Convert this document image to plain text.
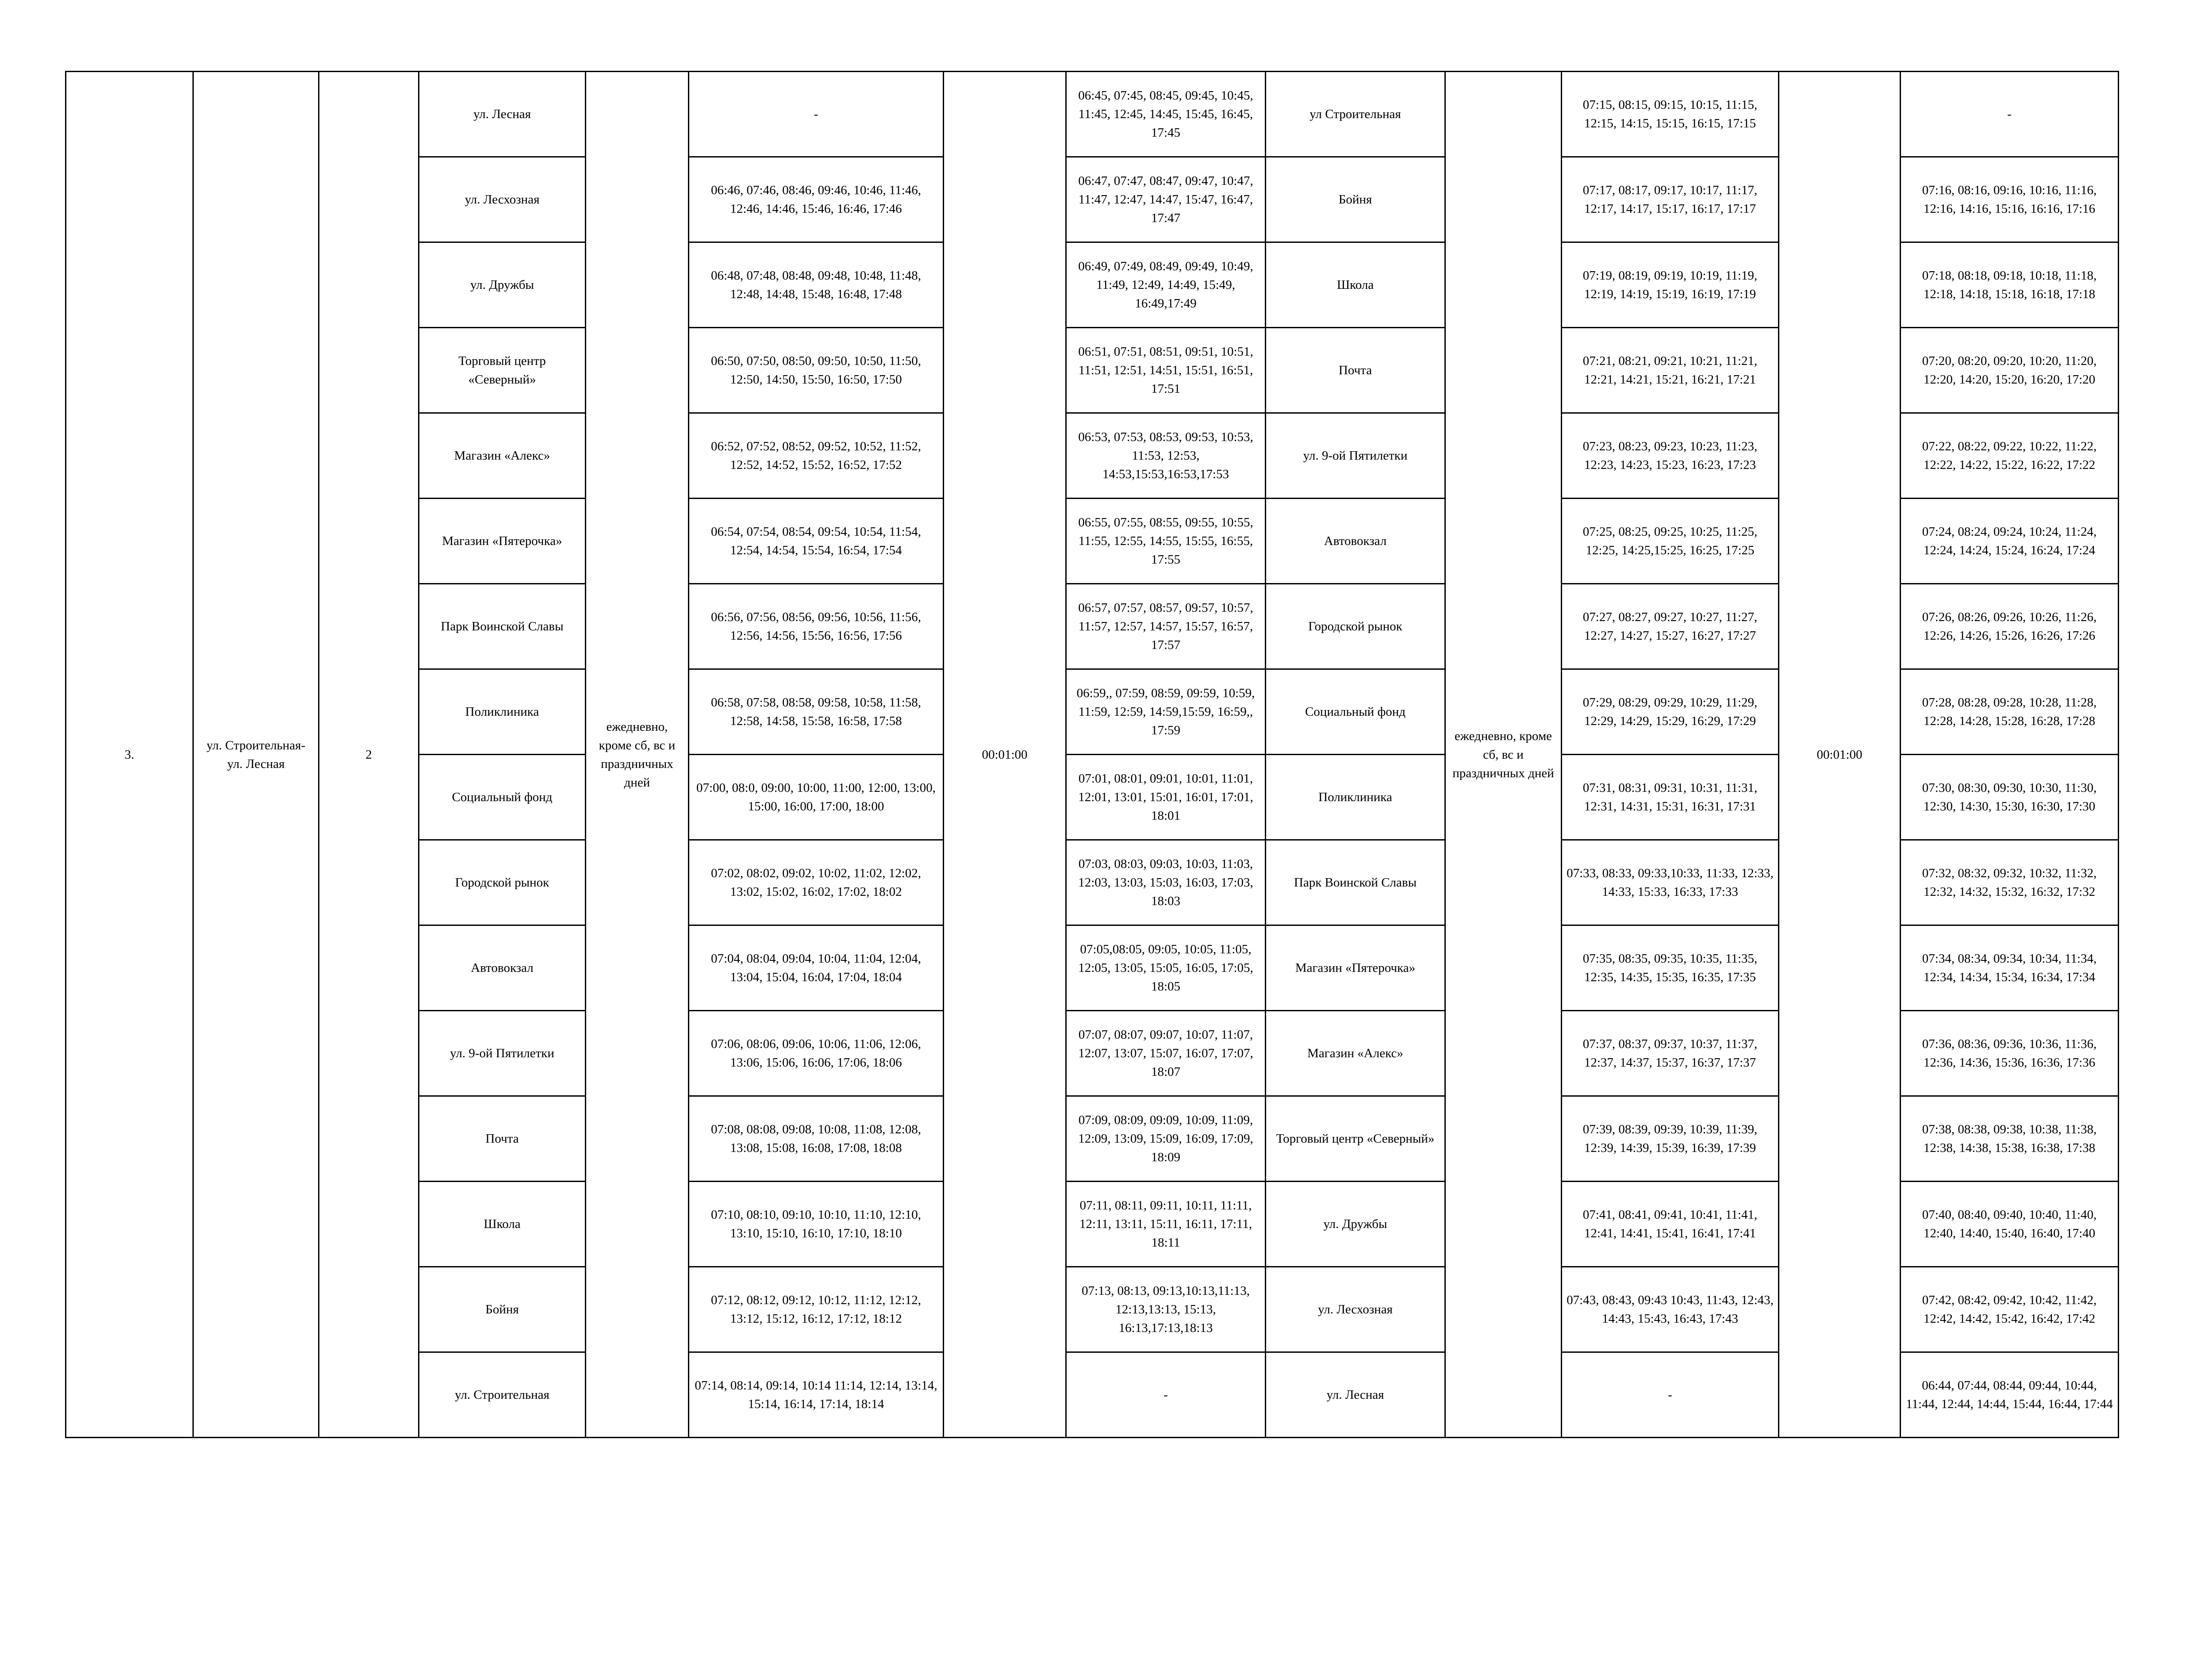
3.	ул. Строительная-ул. Лесная	2	ул. Лесная	ежедневно, кроме сб, вс и праздничных дней	-	00:01:00	06:45, 07:45, 08:45, 09:45, 10:45, 11:45, 12:45, 14:45, 15:45, 16:45, 17:45	ул Строительная	ежедневно, кроме сб, вс и праздничных дней	07:15, 08:15, 09:15, 10:15, 11:15, 12:15, 14:15, 15:15, 16:15, 17:15	00:01:00	-
			ул. Лесхозная		06:46, 07:46, 08:46, 09:46, 10:46, 11:46, 12:46, 14:46, 15:46, 16:46, 17:46		06:47, 07:47, 08:47, 09:47, 10:47, 11:47, 12:47, 14:47, 15:47, 16:47, 17:47	Бойня		07:17, 08:17, 09:17, 10:17, 11:17, 12:17, 14:17, 15:17, 16:17, 17:17		07:16, 08:16, 09:16, 10:16, 11:16, 12:16, 14:16, 15:16, 16:16, 17:16
			ул. Дружбы		06:48, 07:48, 08:48, 09:48, 10:48, 11:48, 12:48, 14:48, 15:48, 16:48, 17:48		06:49, 07:49, 08:49, 09:49, 10:49, 11:49, 12:49, 14:49, 15:49, 16:49,17:49	Школа		07:19, 08:19, 09:19, 10:19, 11:19, 12:19, 14:19, 15:19, 16:19, 17:19		07:18, 08:18, 09:18, 10:18, 11:18, 12:18, 14:18, 15:18, 16:18, 17:18
			Торговый центр «Северный»		06:50, 07:50, 08:50, 09:50, 10:50, 11:50, 12:50, 14:50, 15:50, 16:50, 17:50		06:51, 07:51, 08:51, 09:51, 10:51, 11:51, 12:51, 14:51, 15:51, 16:51, 17:51	Почта		07:21, 08:21, 09:21, 10:21, 11:21, 12:21, 14:21, 15:21, 16:21, 17:21		07:20, 08:20, 09:20, 10:20, 11:20, 12:20, 14:20, 15:20, 16:20, 17:20
			Магазин «Алекс»		06:52, 07:52, 08:52, 09:52, 10:52, 11:52, 12:52, 14:52, 15:52, 16:52, 17:52		06:53, 07:53, 08:53, 09:53, 10:53, 11:53, 12:53, 14:53,15:53,16:53,17:53	ул. 9-ой Пятилетки		07:23, 08:23, 09:23, 10:23, 11:23, 12:23, 14:23, 15:23, 16:23, 17:23		07:22, 08:22, 09:22, 10:22, 11:22, 12:22, 14:22, 15:22, 16:22, 17:22
			Магазин «Пятерочка»		06:54, 07:54, 08:54, 09:54, 10:54, 11:54, 12:54, 14:54, 15:54, 16:54, 17:54		06:55, 07:55, 08:55, 09:55, 10:55, 11:55, 12:55, 14:55, 15:55, 16:55, 17:55	Автовокзал		07:25, 08:25, 09:25, 10:25, 11:25, 12:25, 14:25,15:25, 16:25, 17:25		07:24, 08:24, 09:24, 10:24, 11:24, 12:24, 14:24, 15:24, 16:24, 17:24
			Парк Воинской Славы		06:56, 07:56, 08:56, 09:56, 10:56, 11:56, 12:56, 14:56, 15:56, 16:56, 17:56		06:57, 07:57, 08:57, 09:57, 10:57, 11:57, 12:57, 14:57, 15:57, 16:57, 17:57	Городской рынок		07:27, 08:27, 09:27, 10:27, 11:27, 12:27, 14:27, 15:27, 16:27, 17:27		07:26, 08:26, 09:26, 10:26, 11:26, 12:26, 14:26, 15:26, 16:26, 17:26
			Поликлиника		06:58, 07:58, 08:58, 09:58, 10:58, 11:58, 12:58, 14:58, 15:58, 16:58, 17:58		06:59,, 07:59, 08:59, 09:59, 10:59, 11:59, 12:59, 14:59,15:59, 16:59,, 17:59	Социальный фонд		07:29, 08:29, 09:29, 10:29, 11:29, 12:29, 14:29, 15:29, 16:29, 17:29		07:28, 08:28, 09:28, 10:28, 11:28, 12:28, 14:28, 15:28, 16:28, 17:28
			Социальный фонд		07:00, 08:0, 09:00, 10:00, 11:00, 12:00, 13:00, 15:00, 16:00, 17:00, 18:00		07:01, 08:01, 09:01, 10:01, 11:01, 12:01, 13:01, 15:01, 16:01, 17:01, 18:01	Поликлиника		07:31, 08:31, 09:31, 10:31, 11:31, 12:31, 14:31, 15:31, 16:31, 17:31		07:30, 08:30, 09:30, 10:30, 11:30, 12:30, 14:30, 15:30, 16:30, 17:30
			Городской рынок		07:02, 08:02, 09:02, 10:02, 11:02, 12:02, 13:02, 15:02, 16:02, 17:02, 18:02		07:03, 08:03, 09:03, 10:03, 11:03, 12:03, 13:03, 15:03, 16:03, 17:03, 18:03	Парк Воинской Славы		07:33, 08:33, 09:33,10:33, 11:33, 12:33, 14:33, 15:33, 16:33, 17:33		07:32, 08:32, 09:32, 10:32, 11:32, 12:32, 14:32, 15:32, 16:32, 17:32
			Автовокзал		07:04, 08:04, 09:04, 10:04, 11:04, 12:04, 13:04, 15:04, 16:04, 17:04, 18:04		07:05,08:05, 09:05, 10:05, 11:05, 12:05, 13:05, 15:05, 16:05, 17:05, 18:05	Магазин «Пятерочка»		07:35, 08:35, 09:35, 10:35, 11:35, 12:35, 14:35, 15:35, 16:35, 17:35		07:34, 08:34, 09:34, 10:34, 11:34, 12:34, 14:34, 15:34, 16:34, 17:34
			ул. 9-ой Пятилетки		07:06, 08:06, 09:06, 10:06, 11:06, 12:06, 13:06, 15:06, 16:06, 17:06, 18:06		07:07, 08:07, 09:07, 10:07, 11:07, 12:07, 13:07, 15:07, 16:07, 17:07, 18:07	Магазин «Алекс»		07:37, 08:37, 09:37, 10:37, 11:37, 12:37, 14:37, 15:37, 16:37, 17:37		07:36, 08:36, 09:36, 10:36, 11:36, 12:36, 14:36, 15:36, 16:36, 17:36
			Почта		07:08, 08:08, 09:08, 10:08, 11:08, 12:08, 13:08, 15:08, 16:08, 17:08, 18:08		07:09, 08:09, 09:09, 10:09, 11:09, 12:09, 13:09, 15:09, 16:09, 17:09, 18:09	Торговый центр «Северный»		07:39, 08:39, 09:39, 10:39, 11:39, 12:39, 14:39, 15:39, 16:39, 17:39		07:38, 08:38, 09:38, 10:38, 11:38, 12:38, 14:38, 15:38, 16:38, 17:38
			Школа		07:10, 08:10, 09:10, 10:10, 11:10, 12:10, 13:10, 15:10, 16:10, 17:10, 18:10		07:11, 08:11, 09:11, 10:11, 11:11, 12:11, 13:11, 15:11, 16:11, 17:11, 18:11	ул. Дружбы		07:41, 08:41, 09:41, 10:41, 11:41, 12:41, 14:41, 15:41, 16:41, 17:41		07:40, 08:40, 09:40, 10:40, 11:40, 12:40, 14:40, 15:40, 16:40, 17:40
			Бойня		07:12, 08:12, 09:12, 10:12, 11:12, 12:12, 13:12, 15:12, 16:12, 17:12, 18:12		07:13, 08:13, 09:13,10:13,11:13, 12:13,13:13, 15:13, 16:13,17:13,18:13	ул. Лесхозная		07:43, 08:43, 09:43 10:43, 11:43, 12:43, 14:43, 15:43, 16:43, 17:43		07:42, 08:42, 09:42, 10:42, 11:42, 12:42, 14:42, 15:42, 16:42, 17:42
			ул. Строительная		07:14, 08:14, 09:14, 10:14 11:14, 12:14, 13:14, 15:14, 16:14, 17:14, 18:14		-	ул. Лесная		-		06:44, 07:44, 08:44, 09:44, 10:44, 11:44, 12:44, 14:44, 15:44, 16:44, 17:44
